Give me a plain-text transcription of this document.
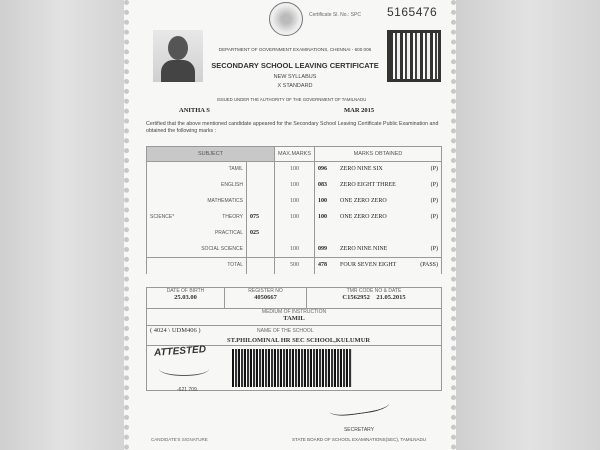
Certificate Sl. No.: SPC 5165476
DEPARTMENT OF GOVERNMENT EXAMINATIONS, CHENNAI - 600 006
SECONDARY SCHOOL LEAVING CERTIFICATE
NEW SYLLABUS
X STANDARD
ISSUED UNDER THE AUTHORITY OF THE GOVERNMENT OF TAMILNADU
ANITHA S	MAR 2015
Certified that the above mentioned candidate appeared for the Secondary School Leaving Certificate Public Examination and obtained the following marks :
SUBJECT		MAX.MARKS	MARKS OBTAINED

TAMIL		100	096 ZERO NINE SIX (P)

ENGLISH		100	083 ZERO EIGHT THREE (P)

MATHEMATICS		100	100 ONE ZERO ZERO (P)

SCIENCE* THEORY	075	100	100 ONE ZERO ZERO (P)

PRACTICAL	025		

SOCIAL SCIENCE		100	099 ZERO NINE NINE (P)

TOTAL		500	478 FOUR SEVEN EIGHT (PASS)
DATE OF BIRTH
25.03.00
REGISTER NO
4050667
TMR CODE NO & DATE
C1562952 21.05.2015
MEDIUM OF INSTRUCTION
TAMIL
( 4024 \ UDM406 )	NAME OF THE SCHOOL
ST.PHILOMINAL HR SEC SCHOOL,KULUMUR
ATTESTED
-621 709.
CANDIDATE'S SIGNATURE
SECRETARY
STATE BOARD OF SCHOOL EXAMINATIONS(SEC), TAMILNADU
